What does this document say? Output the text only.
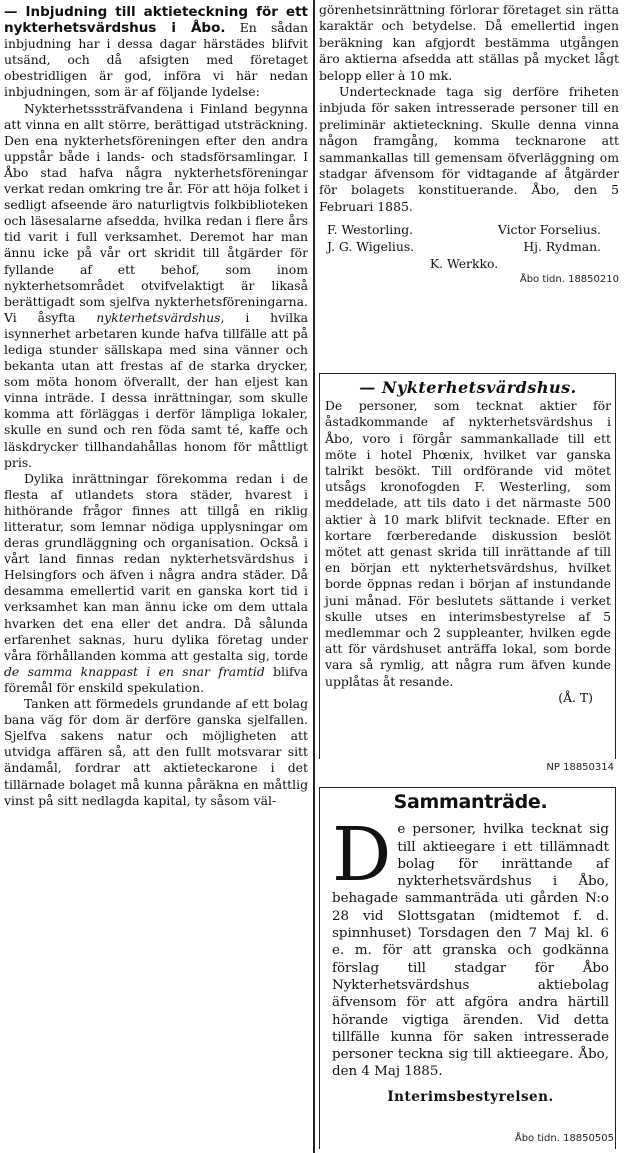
— Inbjudning till aktieteckning för ett nykterhetsvärdshus i Åbo. En sådan inbjudning har i dessa dagar härstädes blifvit utsänd, och då afsigten med företaget obestridligen är god, införa vi här nedan inbjudningen, som är af följande lydelse:

Nykterhetsssträfvandena i Finland begynna att vinna en allt större, berättigad utsträckning. Den ena nykterhetsföreningen efter den andra uppstår både i lands- och stadsförsamlingar. I Åbo stad hafva några nykterhetsföreningar verkat redan omkring tre år. För att höja folket i sedligt afseende äro naturligtvis folkbiblioteken och läsesalarne afsedda, hvilka redan i flere års tid varit i full verksamhet. Deremot har man ännu icke på vår ort skridit till åtgärder för fyllande af ett behof, som inom nykterhetsområdet otvifvelaktigt är likaså berättigadt som sjelfva nykterhetsföreningarna. Vi åsyfta nykterhetsvärdshus, i hvilka isynnerhet arbetaren kunde hafva tillfälle att på lediga stunder sällskapa med sina vänner och bekanta utan att frestas af de starka drycker, som möta honom öfverallt, der han eljest kan vinna inträde. I dessa inrättningar, som skulle komma att förläggas i derför lämpliga lokaler, skulle en sund och ren föda samt té, kaffe och läskdrycker tillhandahållas honom för måttligt pris.

Dylika inrättningar förekomma redan i de flesta af utlandets stora städer, hvarest i hithörande frågor finnes att tillgå en riklig litteratur, som lemnar nödiga upplysningar om deras grundläggning och organisation. Också i vårt land finnas redan nykterhetsvärdshus i Helsingfors och äfven i några andra städer. Då desamma emellertid varit en ganska kort tid i verksamhet kan man ännu icke om dem uttala hvarken det ena eller det andra. Då sålunda erfarenhet saknas, huru dylika företag under våra förhållanden komma att gestalta sig, torde de samma knappast i en snar framtid blifva föremål för enskild spekulation.

Tanken att förmedels grundande af ett bolag bana väg för dom är derföre ganska sjelfallen. Sjelfva sakens natur och möjligheten att utvidga affären så, att den fullt motsvarar sitt ändamål, fordrar att aktieteckarone i det tillärnade bolaget må kunna påräkna en måttlig vinst på sitt nedlagda kapital, ty såsom väl-

görenhetsinrättning förlorar företaget sin rätta karaktär och betydelse. Då emellertid ingen beräkning kan afgjordt bestämma utgången äro aktierna afsedda att ställas på mycket lågt belopp eller à 10 mk.

Undertecknade taga sig derföre friheten inbjuda för saken intresserade personer till en preliminär aktieteckning. Skulle denna vinna någon framgång, komma tecknarone att sammankallas till gemensam öfverläggning om stadgar äfvensom för vidtagande af åtgärder för bolagets konstituerande. Åbo, den 5 Februari 1885.

F. Westorling.	Victor Forselius.
J. G. Wigelius.	Hj. Rydman.
K. Werkko.
Åbo tidn. 18850210
— Nykterhetsvärdshus.

De personer, som tecknat aktier för åstadkommande af nykterhetsvärdshus i Åbo, voro i förgår sammankallade till ett möte i hotel Phœnix, hvilket var ganska talrikt besökt. Till ordförande vid mötet utsågs kronofogden F. Westerling, som meddelade, att tils dato i det närmaste 500 aktier à 10 mark blifvit tecknade. Efter en kortare fœrberedande diskussion beslöt mötet att genast skrida till inrättande af till en början ett nykterhetsvärdshus, hvilket borde öppnas redan i början af instundande juni månad. För beslutets sättande i verket skulle utses en interimsbestyrelse af 5 medlemmar och 2 suppleanter, hvilken egde att för värdshuset anträffa lokal, som borde vara så rymlig, att några rum äfven kunde upplåtas åt resande.

(Å. T)
NP 18850314
Sammanträde.

De personer, hvilka tecknat sig till aktieegare i ett tillämnadt bolag för inrättande af nykterhetsvärdshus i Åbo, behagade sammanträda uti gården N:o 28 vid Slottsgatan (midtemot f. d. spinnhuset) Torsdagen den 7 Maj kl. 6 e. m. för att granska och godkänna förslag till stadgar för Åbo Nykterhetsvärdshus aktiebolag äfvensom för att afgöra andra härtill hörande vigtiga ärenden. Vid detta tillfälle kunna för saken intresserade personer teckna sig till aktieegare. Åbo, den 4 Maj 1885.

Interimsbestyrelsen.
Åbo tidn. 18850505
